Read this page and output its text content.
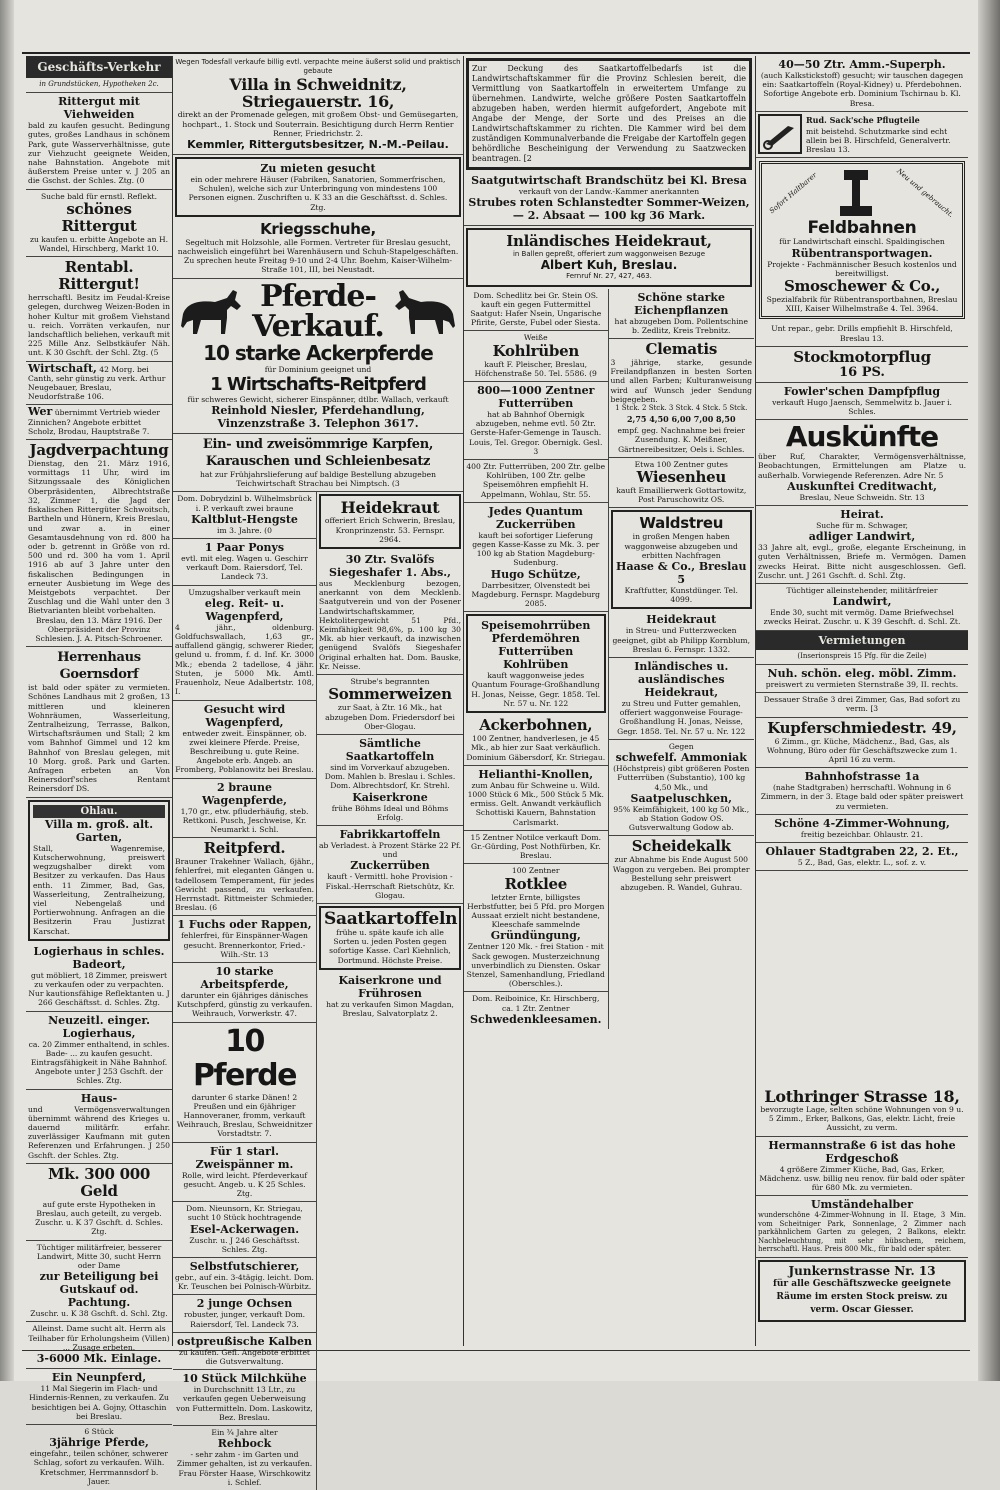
Geschäfts-Verkehr
in Grundstücken, Hypotheken 2c.

Rittergut mit Viehweiden

bald zu kaufen gesucht. Bedingung gutes, großes Landhaus in schönem Park, gute Wasserverhältnisse, gute zur Viehzucht geeignete Weiden, nahe Bahnstation. Angebote mit äußerstem Preise unter v. J 205 an die Gschst. der Schles. Ztg. (0

Suche bald für ernstl. Reflekt.

schönes Rittergut

zu kaufen u. erbitte Angebote an H. Wandel, Hirschberg, Markt 10.

Rentabl. Rittergut!

herrschaftl. Besitz im Feudal-Kreise gelegen, durchweg Weizen-Boden in hoher Kultur mit großem Viehstand u. reich. Vorräten verkaufen, nur landschaftlich beliehen, verkauft mit 225 Mille Anz. Selbstkäufer Näh. unt. K 30 Gschft. der Schl. Ztg. (5

Wirtschaft, 42 Morg. bei Canth, sehr günstig zu verk. Arthur Neugebauer, Breslau, Neudorfstraße 106.

Wer übernimmt Vertrieb wieder Zinnichen? Angebote erbittet Scholz, Brodau, Hauptstraße 7.

Jagdverpachtung

Dienstag, den 21. März 1916, vormittags 11 Uhr, wird im Sitzungssaale des Königlichen Oberpräsidenten, Albrechtstraße 32, Zimmer 1, die Jagd der fiskalischen Rittergüter Schwoitsch, Bartheln und Hünern, Kreis Breslau, und zwar a. in einer Gesamtausdehnung von rd. 800 ha oder b. getrennt in Größe von rd. 500 und rd. 300 ha vom 1. April 1916 ab auf 3 Jahre unter den fiskalischen Bedingungen in erneuter Ausbietung im Wege des Meistgebots verpachtet. Der Zuschlag und die Wahl unter den 3 Bietvarianten bleibt vorbehalten.

Breslau, den 13. März 1916. Der Oberpräsident der Provinz Schlesien. J. A. Pitsch-Schroener.

Herrenhaus Goernsdorf

ist bald oder später zu vermieten. Schönes Landhaus mit 2 großen, 13 mittleren und kleineren Wohnräumen, Wasserleitung, Zentralheizung, Terrasse, Balkon, Wirtschaftsräumen und Stall; 2 km vom Bahnhof Gimmel und 12 km Bahnhof von Breslau gelegen, mit 10 Morg. groß. Park und Garten. Anfragen erbeten an Von Reinersdorf'sches Rentamt Reinersdorf DS.

Ohlau.

Villa m. groß. alt. Garten,

Stall, Wagenremise, Kutscherwohnung, preiswert wegzugshalber direkt vom Besitzer zu verkaufen. Das Haus enth. 11 Zimmer, Bad, Gas, Wasserleitung, Zentralheizung, viel Nebengelaß und Portierwohnung. Anfragen an die Besitzerin Frau Justizrat Karschat.

Logierhaus in schles. Badeort,

gut möbliert, 18 Zimmer, preiswert zu verkaufen oder zu verpachten. Nur kautionsfähige Reflektanten u. J 266 Geschäftsst. d. Schles. Ztg.

Neuzeitl. einger. Logierhaus,

ca. 20 Zimmer enthaltend, in schles. Bade- ... zu kaufen gesucht. Eintragsfähigkeit in Nähe Bahnhof. Angebote unter J 253 Gschft. der Schles. Ztg.

Haus-

und Vermögensverwaltungen übernimmt während des Krieges u. dauernd militärfr. erfahr. zuverlässiger Kaufmann mit guten Referenzen und Erfahrungen. J 250 Gschft. der Schles. Ztg.

Mk. 300 000 Geld

auf gute erste Hypotheken in Breslau, auch geteilt, zu vergeb. Zuschr. u. K 37 Gschft. d. Schles. Ztg.

Tüchtiger militärfreier, besserer Landwirt, Mitte 30, sucht Herrn oder Dame

zur Beteiligung bei Gutskauf od. Pachtung.

Zuschr. u. K 38 Gschft. d. Schl. Ztg.

Alleinst. Dame sucht alt. Herrn als Teilhaber für Erholungsheim (Villen) ... Zusage erbeten.

3-6000 Mk. Einlage.

Ein Neunpferd,

11 Mal Siegerin im Flach- und Hindernis-Rennen, zu verkaufen. Zu besichtigen bei A. Gojny, Ottaschin bei Breslau.

6 Stück

3jährige Pferde,

eingefahr., teilen schöner, schwerer Schlag, sofort zu verkaufen. Wilh. Kretschmer, Herrmannsdorf b. Jauer.

Wegen Todesfall verkaufe billig evtl. verpachte meine äußerst solid und praktisch gebaute

Villa in Schweidnitz, Striegauerstr. 16,

direkt an der Promenade gelegen, mit großem Obst- und Gemüsegarten, hochpart., 1. Stock und Souterrain. Besichtigung durch Herrn Rentier Renner, Friedrichstr. 2.

Kemmler, Rittergutsbesitzer, N.-M.-Peilau.

Zu mieten gesucht

ein oder mehrere Häuser (Fabriken, Sanatorien, Sommerfrischen, Schulen), welche sich zur Unterbringung von mindestens 100 Personen eignen. Zuschriften u. K 33 an die Geschäftsst. d. Schles. Ztg.

Kriegsschuhe,

Segeltuch mit Holzsohle, alle Formen. Vertreter für Breslau gesucht, nachweislich eingeführt bei Warenhäusern und Schuh-Stapelgeschäften. Zu sprechen heute Freitag 9-10 und 2-4 Uhr. Boehm, Kaiser-Wilhelm-Straße 101, III, bei Neustadt.

Pferde-Verkauf.

10 starke Ackerpferde

für Dominium geeignet und

1 Wirtschafts-Reitpferd

für schweres Gewicht, sicherer Einspänner, dtlbr. Wallach, verkauft

Reinhold Niesler, Pferdehandlung, Vinzenzstraße 3. Telephon 3617.

Ein- und zweisömmrige Karpfen, Karauschen und Schleienbesatz

hat zur Frühjahrslieferung auf baldige Bestellung abzugeben Teichwirtschaft Strachau bei Nimptsch. (3

Dom. Dobrydzinl b. Wilhelmsbrück i. P. verkauft zwei braune

Kaltblut-Hengste

im 3. Jahre. (0

1 Paar Ponys

evtl. mit eleg. Wagen u. Geschirr verkauft Dom. Raiersdorf, Tel. Landeck 73.

Umzugshalber verkauft mein

eleg. Reit- u. Wagenpferd,

4 jähr., oldenburg. Goldfuchswallach, 1,63 gr., auffallend gängig, schwerer Rieder, gelund u. fromm, f. d. Inf. Kr. 3000 Mk.; ebenda 2 tadellose, 4 jähr. Stuten, je 5000 Mk. Amtl. Frauenholz, Neue Adalbertstr. 108, I.

Gesucht wird Wagenpferd,

entweder zweit. Einspänner, ob. zwei kleinere Pferde. Preise, Beschreibung u. gute Reine. Angebote erb. Angeb. an Fromberg, Poblanowitz bei Breslau.

2 braune Wagenpferde,

1,70 gr., etw. pfluderhäufig, steb. Rettkoni. Pusch, Jeschweise, Kr. Neumarkt i. Schl.

Reitpferd.

Brauner Trakehner Wallach, 6jähr., fehlerfrei, mit eleganten Gängen u. tadellosem Temperament, für jedes Gewicht passend, zu verkaufen. Herrnstadt. Rittmeister Schmieder, Breslau. (6

1 Fuchs oder Rappen,

fehlerfrei, für Einspänner-Wagen gesucht. Brennerkontor, Fried.-Wilh.-Str. 13

10 starke Arbeitspferde,

darunter ein 6jähriges dänisches Kutschpferd, günstig zu verkaufen. Weihrauch, Vorwerkstr. 47.

10 Pferde

darunter 6 starke Dänen! 2 Preußen und ein 6jähriger Hannoveraner, fromm, verkauft Weihrauch, Breslau, Schweidnitzer Vorstadtstr. 7.

Für 1 starl. Zweispänner m.

Rolle, wird leicht. Pferdeverkauf gesucht. Angeb. u. K 25 Schles. Ztg.

Dom. Nieunsorn, Kr. Striegau, sucht 10 Stück hochtragende

Esel-Ackerwagen.

Zuschr. u. J 246 Geschäftsst. Schles. Ztg.

Selbstfutschierer,

gebr., auf ein. 3-4tägig. leicht. Dom. Kr. Teuschen bei Polnisch-Würbitz.

2 junge Ochsen

robuster, junger, verkauft Dom. Raiersdorf, Tel. Landeck 73.

ostpreußische Kalben

zu kaufen. Gefl. Angebote erbittet die Gutsverwaltung.

10 Stück Milchkühe

in Durchschnitt 13 Ltr., zu verkaufen gegen Ueberweisung von Futtermitteln. Dom. Laskowitz, Bez. Breslau.

Ein ¾ Jahre alter

Rehbock

- sehr zahm - im Garten und Zimmer gehalten, ist zu verkaufen. Frau Förster Haase, Wirschkowitz i. Schlef.

Heidekraut

offeriert Erich Schwerin, Breslau, Kronprinzenstr. 53. Fernspr. 2964.

30 Ztr. Svalöfs Siegeshafer 1. Abs.,

aus Mecklenburg bezogen, anerkannt von dem Mecklenb. Saatgutverein und von der Posener Landwirtschaftskammer, Hektolitergewicht 51 Pfd., Keimfähigkeit 98,6%, p. 100 kg 30 Mk. ab hier verkauft, da inzwischen genügend Svalöfs Siegeshafer Original erhalten hat. Dom. Bauske, Kr. Neisse.

Strube's begrannten

Sommerweizen

zur Saat, à Ztr. 16 Mk., hat abzugeben Dom. Friedersdorf bei Ober-Glogau.

Sämtliche Saatkartoffeln

sind im Vorverkauf abzugeben. Dom. Mahlen b. Breslau i. Schles. Dom. Albrechtsdorf, Kr. Strehl.

Kaiserkrone

frühe Böhms Ideal und Böhms Erfolg.

Fabrikkartoffeln

ab Verladest. à Prozent Stärke 22 Pf. und

Zuckerrüben

kauft - Vermittl. hohe Provision - Fiskal.-Herrschaft Rietschütz, Kr. Glogau.

Saatkartoffeln

frühe u. späte kaufe ich alle Sorten u. jeden Posten gegen sofortige Kasse. Carl Kiehnlich, Dortmund. Höchste Preise.

Kaiserkrone und Frührosen

hat zu verkaufen Simon Magdan, Breslau, Salvatorplatz 2.

Zur Deckung des Saatkartoffelbedarfs ist die Landwirtschaftskammer für die Provinz Schlesien bereit, die Vermittlung von Saatkartoffeln in erweitertem Umfange zu übernehmen. Landwirte, welche größere Posten Saatkartoffeln abzugeben haben, werden hiermit aufgefordert, Angebote mit Angabe der Menge, der Sorte und des Preises an die Landwirtschaftskammer zu richten. Die Kammer wird bei dem zuständigen Kommunalverbande die Freigabe der Kartoffeln gegen behördliche Bescheinigung der Verwendung zu Saatzwecken beantragen. [2

Saatgutwirtschaft Brandschütz bei Kl. Bresa

verkauft von der Landw.-Kammer anerkannten

Strubes roten Schlanstedter Sommer-Weizen,

— 2. Absaat — 100 kg 36 Mark.

Inländisches Heidekraut,

in Ballen gepreßt, offeriert zum waggonweisen Bezuge

Albert Kuh, Breslau.

Fernruf Nr. 27, 427, 463.

Dom. Schedlitz bei Gr. Stein OS. kauft ein gegen Futtermittel Saatgut: Hafer Nsein, Ungarische Pfirite, Gerste, Fubel oder Siesta.

Weiße

Kohlrüben

kauft F. Pleischer, Breslau, Höfchenstraße 50. Tel. 5586. (9

800—1000 Zentner Futterrüben

hat ab Bahnhof Obernigk abzugeben, nehme evtl. 50 Ztr. Gerste-Hafer-Gemenge in Tausch. Louis, Tel. Gregor. Obernigk. Gesl. 3

400 Ztr. Futterrüben, 200 Ztr. gelbe Kohlrüben, 100 Ztr. gelbe Speisemöhren empfiehlt H. Appelmann, Wohlau, Str. 55.

Jedes Quantum Zuckerrüben

kauft bei sofortiger Lieferung gegen Kasse-Kasse zu Mk. 3. per 100 kg ab Station Magdeburg-Sudenburg.

Hugo Schütze,

Darrbesitzer, Olvenstedt bei Magdeburg. Fernspr. Magdeburg 2085.

Speisemohrrüben Pferdemöhren Futterrüben Kohlrüben

kauft waggonweise jedes Quantum Fourage-Großhandlung H. Jonas, Neisse, Gegr. 1858. Tel. Nr. 57 u. Nr. 122

Ackerbohnen,

100 Zentner, handverlesen, je 45 Mk., ab hier zur Saat verkäuflich. Dominium Gäbersdorf, Kr. Striegau.

Helianthi-Knollen,

zum Anbau für Schweine u. Wild. 1000 Stück 6 Mk., 500 Stück 5 Mk. ermiss. Gelt. Anwandt verkäuflich Schottiski Kauern, Bahnstation Carlsmarkt.

15 Zentner Notilce verkauft Dom. Gr.-Gürding, Post Nothfürben, Kr. Breslau.

100 Zentner

Rotklee

letzter Ernte, billigstes Herbstfutter, bei 5 Pfd. pro Morgen Aussaat erzielt nicht bestandene, Kleeschafe sammelnde

Gründüngung,

Zentner 120 Mk. - frei Station - mit Sack gewogen. Musterzeichnung unverbindlich zu Diensten. Oskar Stenzel, Samenhandlung, Friedland (Oberschles.).

Dom. Reiboinice, Kr. Hirschberg, ca. 1 Ztr. Zentner

Schwedenkleesamen.

Schöne starke Eichenpflanzen

hat abzugeben Dom. Pollentschine b. Zedlitz, Kreis Trebnitz.

Clematis

3 jährige, starke, gesunde Freilandpflanzen in besten Sorten und allen Farben; Kulturanweisung wird auf Wunsch jeder Sendung beigegeben.

1 Stck. 2 Stck. 3 Stck. 4 Stck. 5 Stck.

2,75 4,50 6,00 7,00 8,50

empf. geg. Nachnahme bei freier Zusendung. K. Meißner, Gärtnereibesitzer, Oels i. Schles.

Etwa 100 Zentner gutes

Wiesenheu

kauft Emaillierwerk Gottartowitz, Post Paruschowitz OS.

Waldstreu

in großen Mengen haben waggonweise abzugeben und erbitten Nachfragen

Haase & Co., Breslau 5

Kraftfutter, Kunstdünger. Tel. 4099.

Heidekraut

in Streu- und Futterzwecken geeignet, gibt ab Philipp Kornblum, Breslau 6. Fernspr. 1332.

Inländisches u. ausländisches Heidekraut,

zu Streu und Futter gemahlen, offeriert waggonweise Fourage-Großhandlung H. Jonas, Neisse, Gegr. 1858. Tel. Nr. 57 u. Nr. 122

Gegen

schwefelf. Ammoniak

(Höchstpreis) gibt größeren Posten Futterrüben (Substantio), 100 kg 4,50 Mk., und

Saatpeluschken,

95% Keimfähigkeit, 100 kg 50 Mk., ab Station Godow OS. Gutsverwaltung Godow ab.

Scheidekalk

zur Abnahme bis Ende August 500 Waggon zu vergeben. Bei prompter Bestellung sehr preiswert abzugeben. R. Wandel, Guhrau.

40—50 Ztr. Amm.-Superph.

(auch Kalkstickstoff) gesucht; wir tauschen dagegen ein: Saatkartoffeln (Royal-Kidney) u. Pferdebohnen. Sofortige Angebote erb. Dominium Tschirnau b. Kl. Bresa.

Rud. Sack'sche Pflugteile

mit beistehd. Schutzmarke sind echt allein bei B. Hirschfeld, Generalvertr. Breslau 13.

Sofort Haltbarer	Neu und gebraucht.

Feldbahnen

für Landwirtschaft einschl. Spaldingischen

Rübentransportwagen.

Projekte - Fachmännischer Besuch kostenlos und bereitwilligst.

Smoschewer & Co.,

Spezialfabrik für Rübentransportbahnen, Breslau XIII, Kaiser Wilhelmstraße 4. Tel. 3964.

Unt repar., gebr. Drills empfiehlt B. Hirschfeld, Breslau 13.

Stockmotorpflug

16 PS.

Fowler'schen Dampfpflug

verkauft Hugo Jaensch, Semmelwitz b. Jauer i. Schles.

Auskünfte

über Ruf, Charakter, Vermögensverhältnisse, Beobachtungen, Ermittelungen am Platze u. außerhalb. Vorwiegende Referenzen. Adre Nr. 5

Auskunftei Creditwacht,

Breslau, Neue Schweidn. Str. 13

Heirat.

Suche für m. Schwager,

adliger Landwirt,

33 Jahre alt, evgl., große, elegante Erscheinung, in guten Verhältnissen, Briefe m. Vermögen. Damen zwecks Heirat. Bitte nicht ausgeschlossen. Gefl. Zuschr. unt. J 261 Gschft. d. Schl. Ztg.

Tüchtiger alleinstehender, militärfreier

Landwirt,

Ende 30, sucht mit vermög. Dame Briefwechsel zwecks Heirat. Zuschr. u. K 39 Geschft. d. Schl. Zt.

Vermietungen
(Inserionspreis 15 Pfg. für die Zeile)

Nuh. schön. eleg. möbl. Zimm.

preiswert zu vermieten Sternstraße 39, II. rechts.

Dessauer Straße 3 drei Zimmer, Gas, Bad sofort zu verm. [3

Kupferschmiedestr. 49,

6 Zimm., gr. Küche, Mädchenz., Bad, Gas, als Wohnung, Büro oder für Geschäftszwecke zum 1. April 16 zu verm.

Bahnhofstrasse 1a

(nahe Stadtgraben) herrschaftl. Wohnung in 6 Zimmern, in der 3. Etage bald oder später preiswert zu vermieten.

Schöne 4-Zimmer-Wohnung,

freitig bezeichbar. Ohlaustr. 21.

Ohlauer Stadtgraben 22, 2. Et.,

5 Z., Bad, Gas, elektr. L., sof. z. v.

Lothringer Strasse 18,

bevorzugte Lage, selten schöne Wohnungen von 9 u. 5 Zimm., Erker, Balkons, Gas, elektr. Licht, freie Aussicht, zu verm.

Hermannstraße 6 ist das hohe Erdgeschoß

4 größere Zimmer Küche, Bad, Gas, Erker, Mädchenz. usw. billig neu renov. für bald oder später für 680 Mk. zu vermieten.

Umständehalber

wunderschöne 4-Zimmer-Wohnung in II. Etage, 3 Min. vom Scheitniger Park, Sonnenlage, 2 Zimmer nach parkähnlichem Garten zu gelegen, 2 Balkons, elektr. Nachbeleuchtung, mit sehr hübschem, reichem, herrschaftl. Haus. Preis 800 Mk., für bald oder später.

Junkernstrasse Nr. 13

für alle Geschäftszwecke geeignete Räume im ersten Stock preisw. zu verm. Oscar Giesser.
